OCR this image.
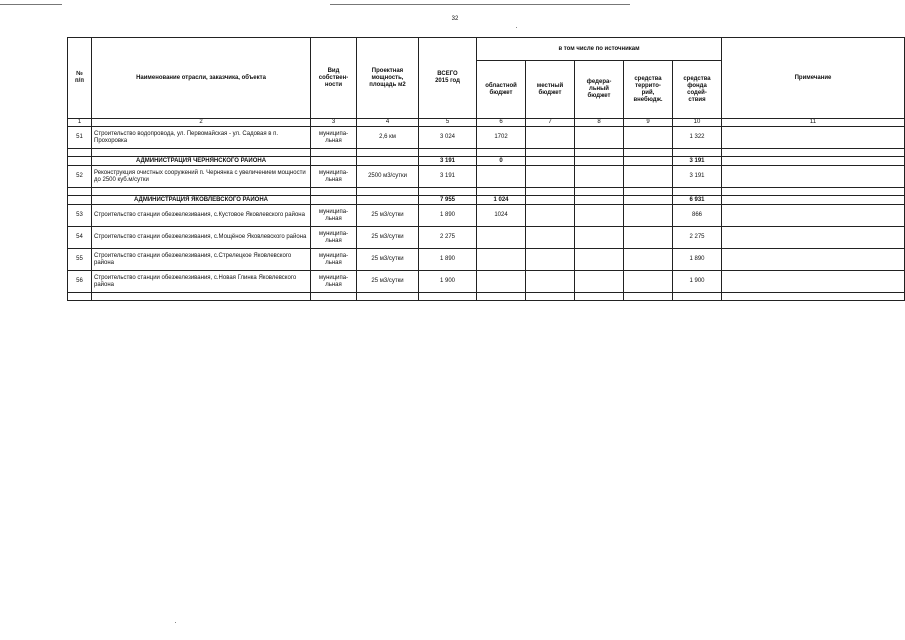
32
№
п/п	Наименование отрасли, заказчика, объекта	Вид
собствен-
ности	Проектная
мощность,
площадь м2	ВСЕГО
2015 год	в том числе по источникам					Примечание
					областной
бюджет	местный
бюджет	федера-
льный
бюджет	средства
террито-
рий,
внебюдж.	средства
фонда
содей-
ствия	
1	2	3	4	5	6	7	8	9	10	11
51	Строительство водопровода, ул. Первомайская - ул. Садовая в п. Прохоровка	муниципа-
льная	2,6 км	3 024	1702				1 322	

	АДМИНИСТРАЦИЯ ЧЕРНЯНСКОГО РАЙОНА			3 191	0				3 191	
52	Реконструкция очистных сооружений п. Чернянка с увеличением мощности до 2500 куб.м/сутки	муниципа-
льная	2500 м3/сутки	3 191					3 191	

	АДМИНИСТРАЦИЯ ЯКОВЛЕВСКОГО РАЙОНА			7 955	1 024				6 931	
53	Строительство станции обезжелезивания, с.Кустовое Яковлевского района	муниципа-
льная	25 м3/сутки	1 890	1024				866	
54	Строительство станции обезжелезивания, с.Мощёное Яковлевского района	муниципа-
льная	25 м3/сутки	2 275					2 275	
55	Строительство станции обезжелезивания, с.Стрелецкое Яковлевского района	муниципа-
льная	25 м3/сутки	1 890					1 890	
56	Строительство станции обезжелезивания, с.Новая Глинка Яковлевского района	муниципа-
льная	25 м3/сутки	1 900					1 900	
